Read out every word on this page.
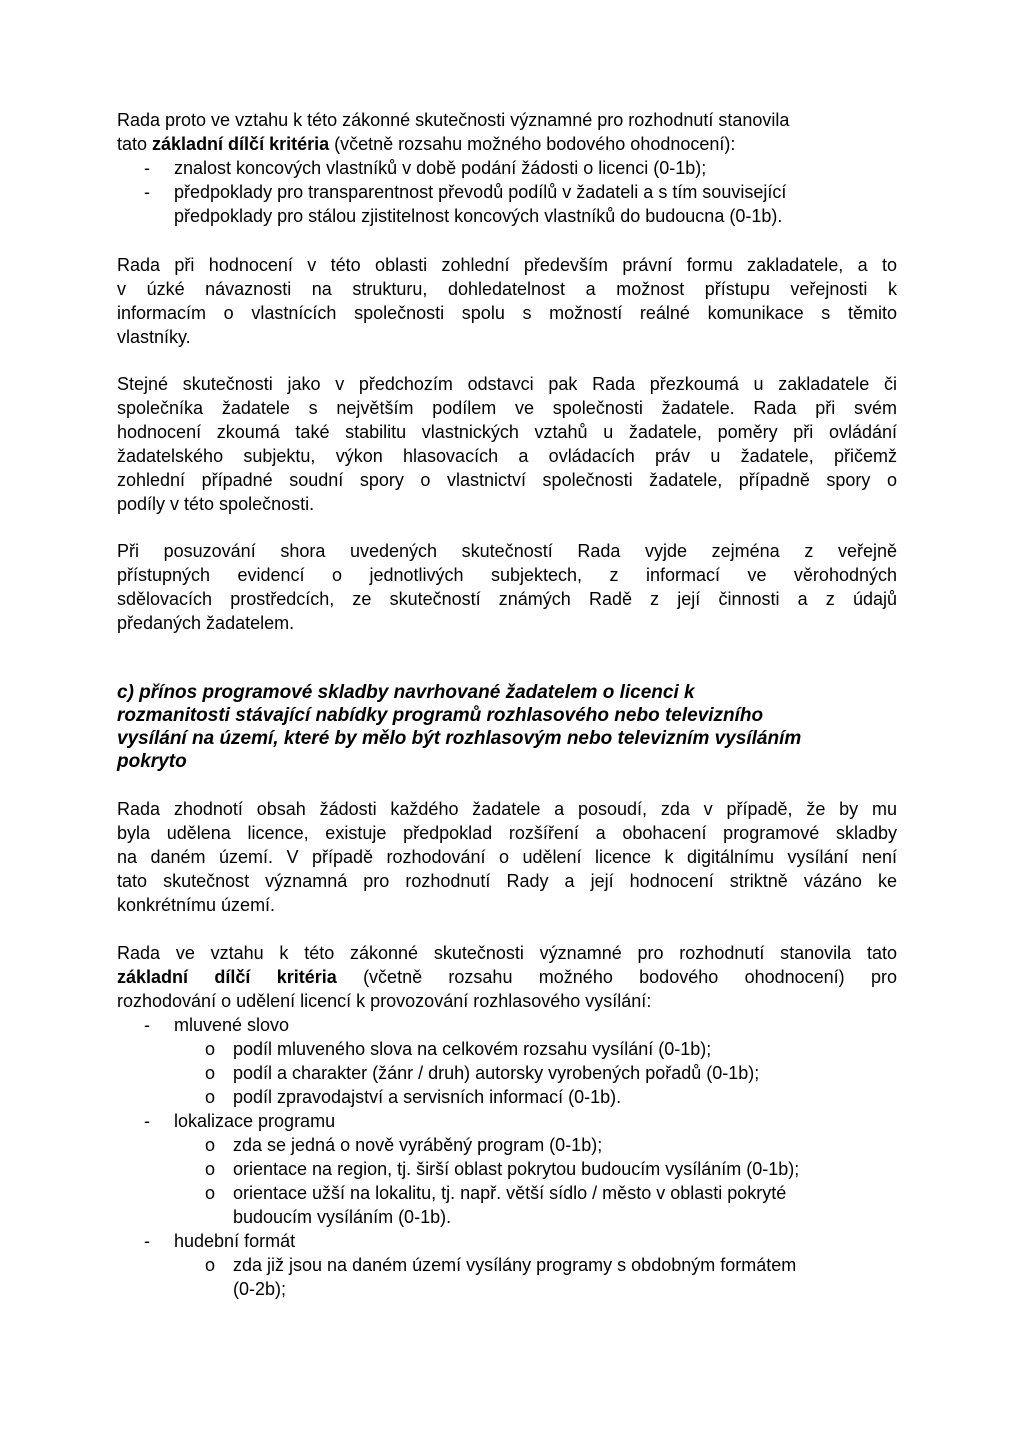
Rada proto ve vztahu k této zákonné skutečnosti významné pro rozhodnutí stanovila
tato základní dílčí kritéria (včetně rozsahu možného bodového ohodnocení):
- znalost koncových vlastníků v době podání žádosti o licenci (0-1b);
- předpoklady pro transparentnost převodů podílů v žadateli a s tím související
předpoklady pro stálou zjistitelnost koncových vlastníků do budoucna (0-1b).
Rada při hodnocení v této oblasti zohlední především právní formu zakladatele, a to
v úzké návaznosti na strukturu, dohledatelnost a možnost přístupu veřejnosti k
informacím o vlastnících společnosti spolu s možností reálné komunikace s těmito
vlastníky.
Stejné skutečnosti jako v předchozím odstavci pak Rada přezkoumá u zakladatele či
společníka žadatele s největším podílem ve společnosti žadatele. Rada při svém
hodnocení zkoumá také stabilitu vlastnických vztahů u žadatele, poměry při ovládání
žadatelského subjektu, výkon hlasovacích a ovládacích práv u žadatele, přičemž
zohlední případné soudní spory o vlastnictví společnosti žadatele, případně spory o
podíly v této společnosti.
Při posuzování shora uvedených skutečností Rada vyjde zejména z veřejně
přístupných evidencí o jednotlivých subjektech, z informací ve věrohodných
sdělovacích prostředcích, ze skutečností známých Radě z její činnosti a z údajů
předaných žadatelem.
c) přínos programové skladby navrhované žadatelem o licenci k
rozmanitosti stávající nabídky programů rozhlasového nebo televizního
vysílání na území, které by mělo být rozhlasovým nebo televizním vysíláním
pokryto
Rada zhodnotí obsah žádosti každého žadatele a posoudí, zda v případě, že by mu
byla udělena licence, existuje předpoklad rozšíření a obohacení programové skladby
na daném území. V případě rozhodování o udělení licence k digitálnímu vysílání není
tato skutečnost významná pro rozhodnutí Rady a její hodnocení striktně vázáno ke
konkrétnímu území.
Rada ve vztahu k této zákonné skutečnosti významné pro rozhodnutí stanovila tato
základní dílčí kritéria (včetně rozsahu možného bodového ohodnocení) pro
rozhodování o udělení licencí k provozování rozhlasového vysílání:
- mluvené slovo
o podíl mluveného slova na celkovém rozsahu vysílání (0-1b);
o podíl a charakter (žánr / druh) autorsky vyrobených pořadů (0-1b);
o podíl zpravodajství a servisních informací (0-1b).
- lokalizace programu
o zda se jedná o nově vyráběný program (0-1b);
o orientace na region, tj. širší oblast pokrytou budoucím vysíláním (0-1b);
o orientace užší na lokalitu, tj. např. větší sídlo / město v oblasti pokryté
budoucím vysíláním (0-1b).
- hudební formát
o zda již jsou na daném území vysílány programy s obdobným formátem
(0-2b);
